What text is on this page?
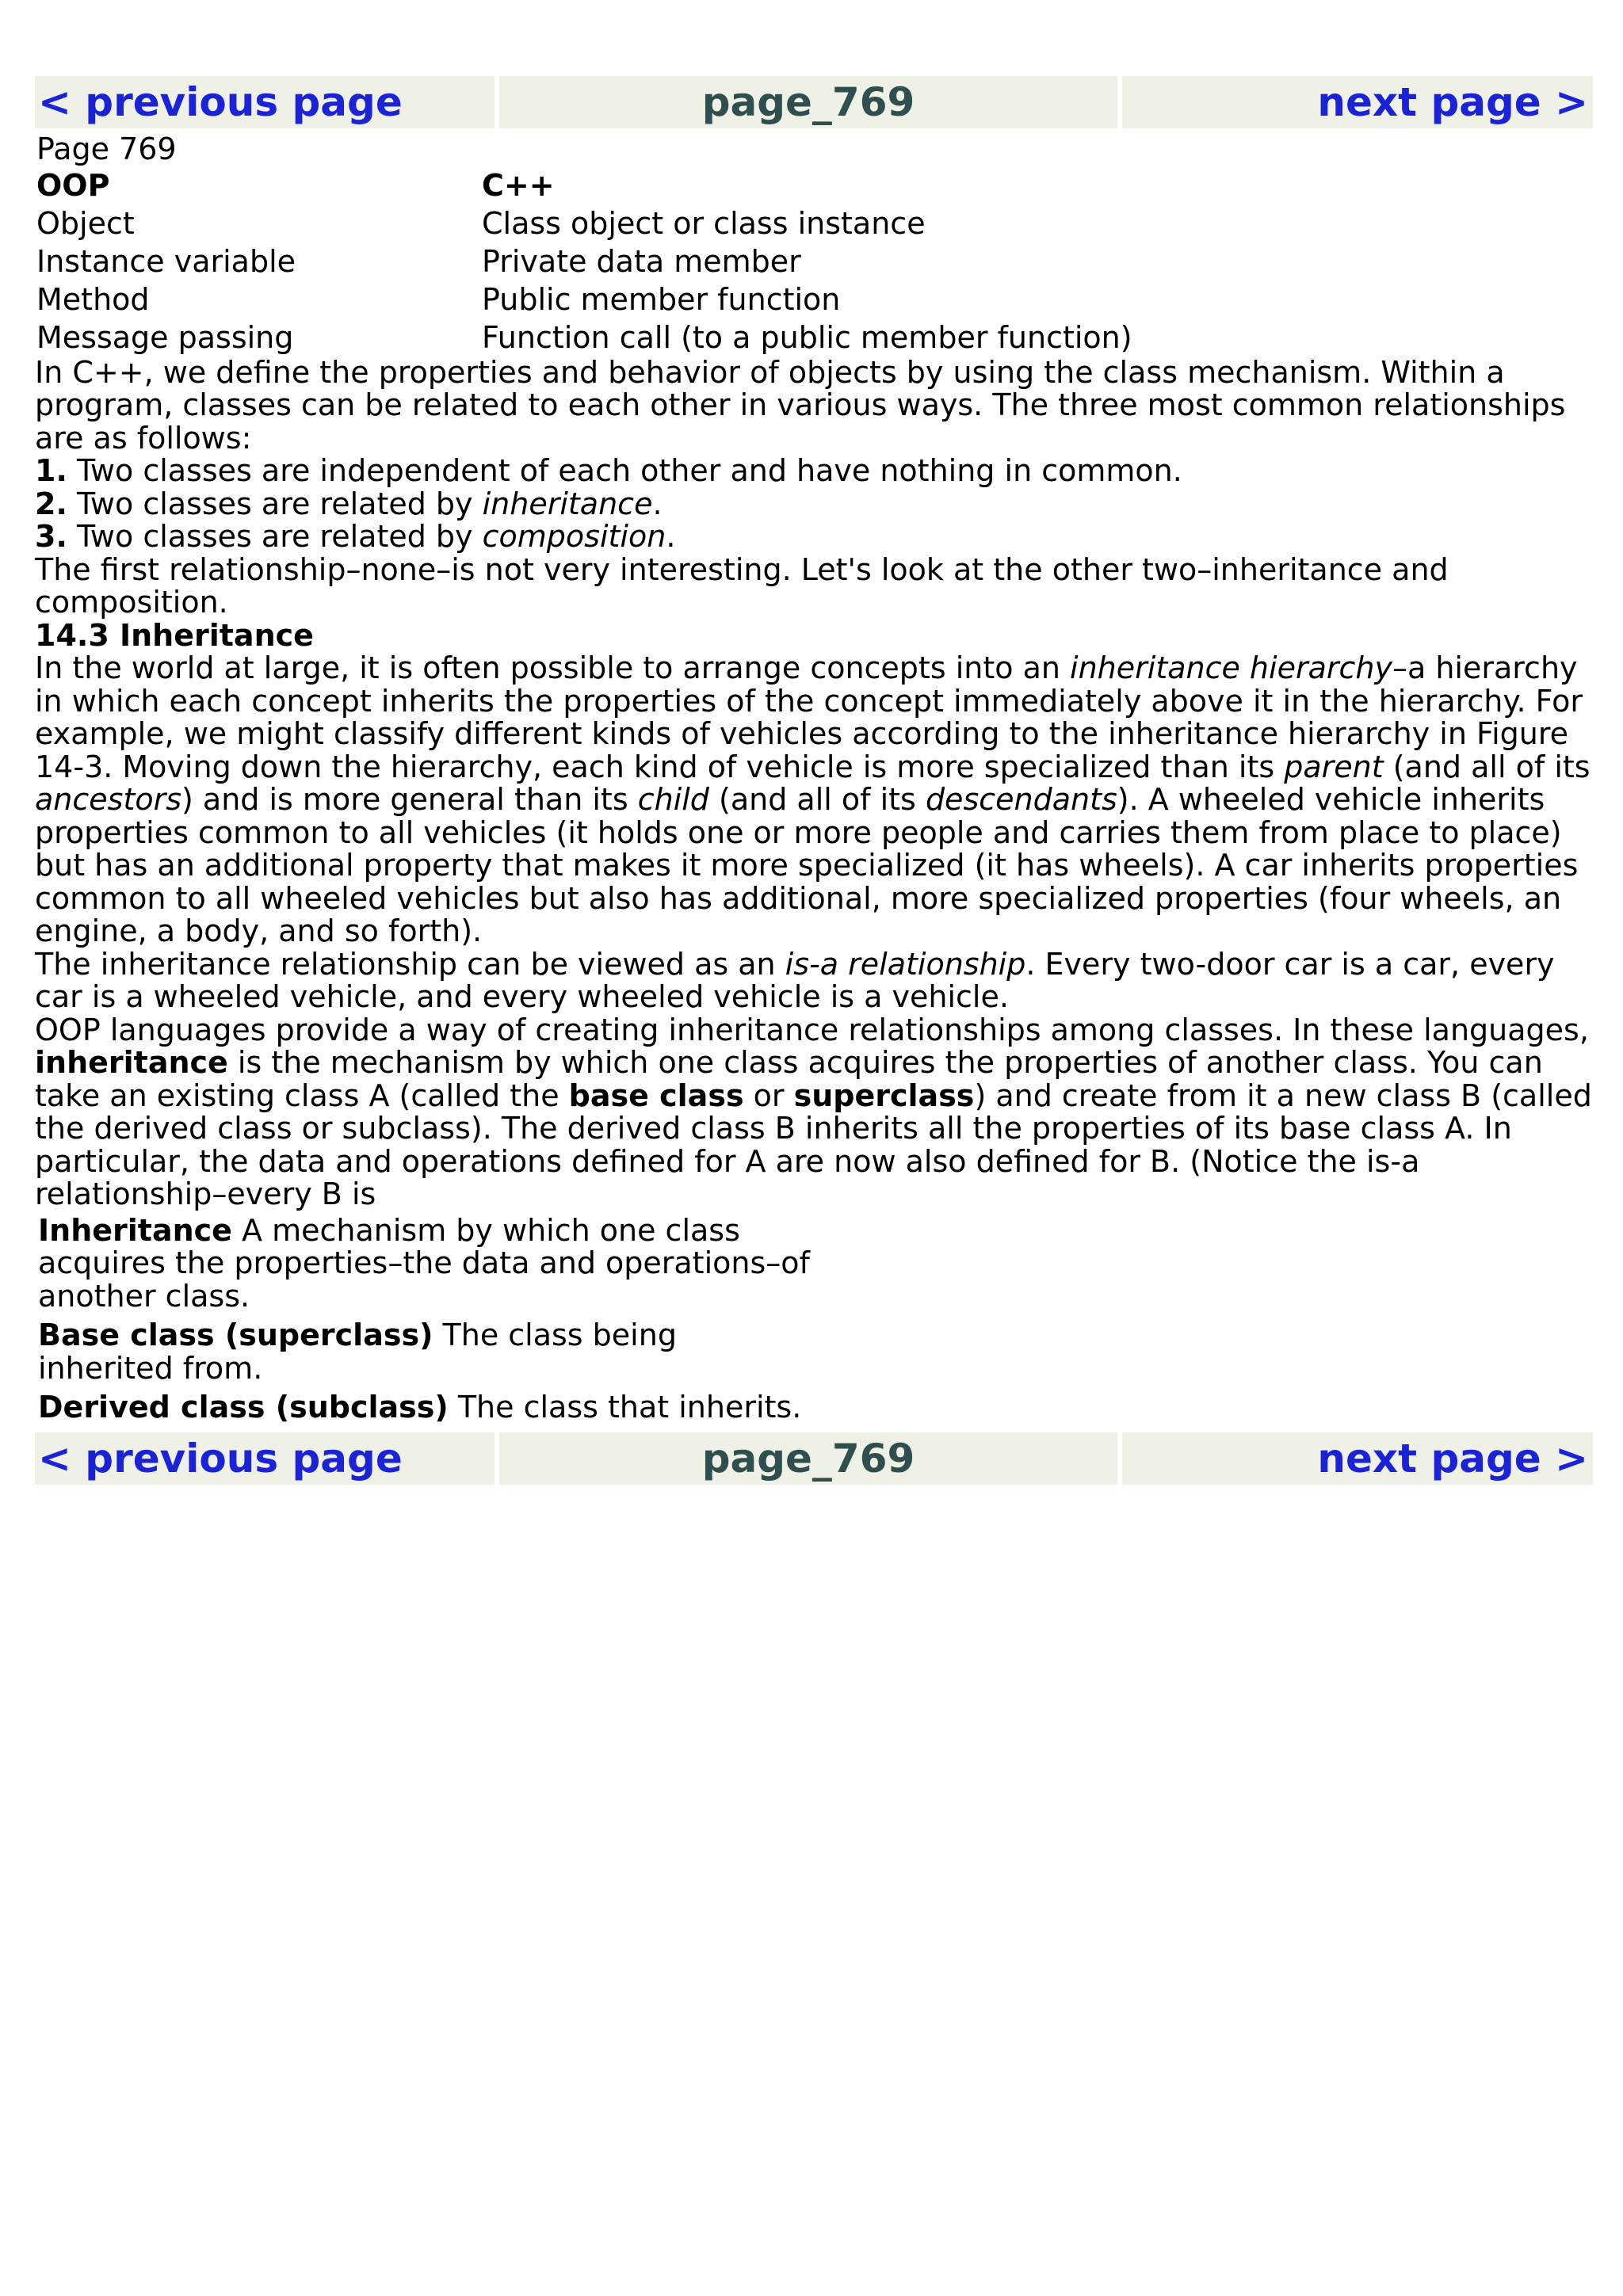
< previous page	page_769	next page >
Page 769
OOP	C++
Object	Class object or class instance
Instance variable	Private data member
Method	Public member function
Message passing	Function call (to a public member function)

In C++, we define the properties and behavior of objects by using the class mechanism. Within a program, classes can be related to each other in various ways. The three most common relationships are as follows:

1. Two classes are independent of each other and have nothing in common.
2. Two classes are related by inheritance.
3. Two classes are related by composition.

The first relationship–none–is not very interesting. Let's look at the other two–inheritance and composition.

14.3 Inheritance

In the world at large, it is often possible to arrange concepts into an inheritance hierarchy–a hierarchy in which each concept inherits the properties of the concept immediately above it in the hierarchy. For example, we might classify different kinds of vehicles according to the inheritance hierarchy in Figure 14-3. Moving down the hierarchy, each kind of vehicle is more specialized than its parent (and all of its ancestors) and is more general than its child (and all of its descendants). A wheeled vehicle inherits properties common to all vehicles (it holds one or more people and carries them from place to place) but has an additional property that makes it more specialized (it has wheels). A car inherits properties common to all wheeled vehicles but also has additional, more specialized properties (four wheels, an engine, a body, and so forth).

The inheritance relationship can be viewed as an is-a relationship. Every two-door car is a car, every car is a wheeled vehicle, and every wheeled vehicle is a vehicle.

OOP languages provide a way of creating inheritance relationships among classes. In these languages, inheritance is the mechanism by which one class acquires the properties of another class. You can take an existing class A (called the base class or superclass) and create from it a new class B (called the derived class or subclass). The derived class B inherits all the properties of its base class A. In particular, the data and operations defined for A are now also defined for B. (Notice the is-a relationship–every B is

Inheritance A mechanism by which one class acquires the properties–the data and operations–of another class.

Base class (superclass) The class being inherited from.

Derived class (subclass) The class that inherits.

< previous page	page_769	next page >
